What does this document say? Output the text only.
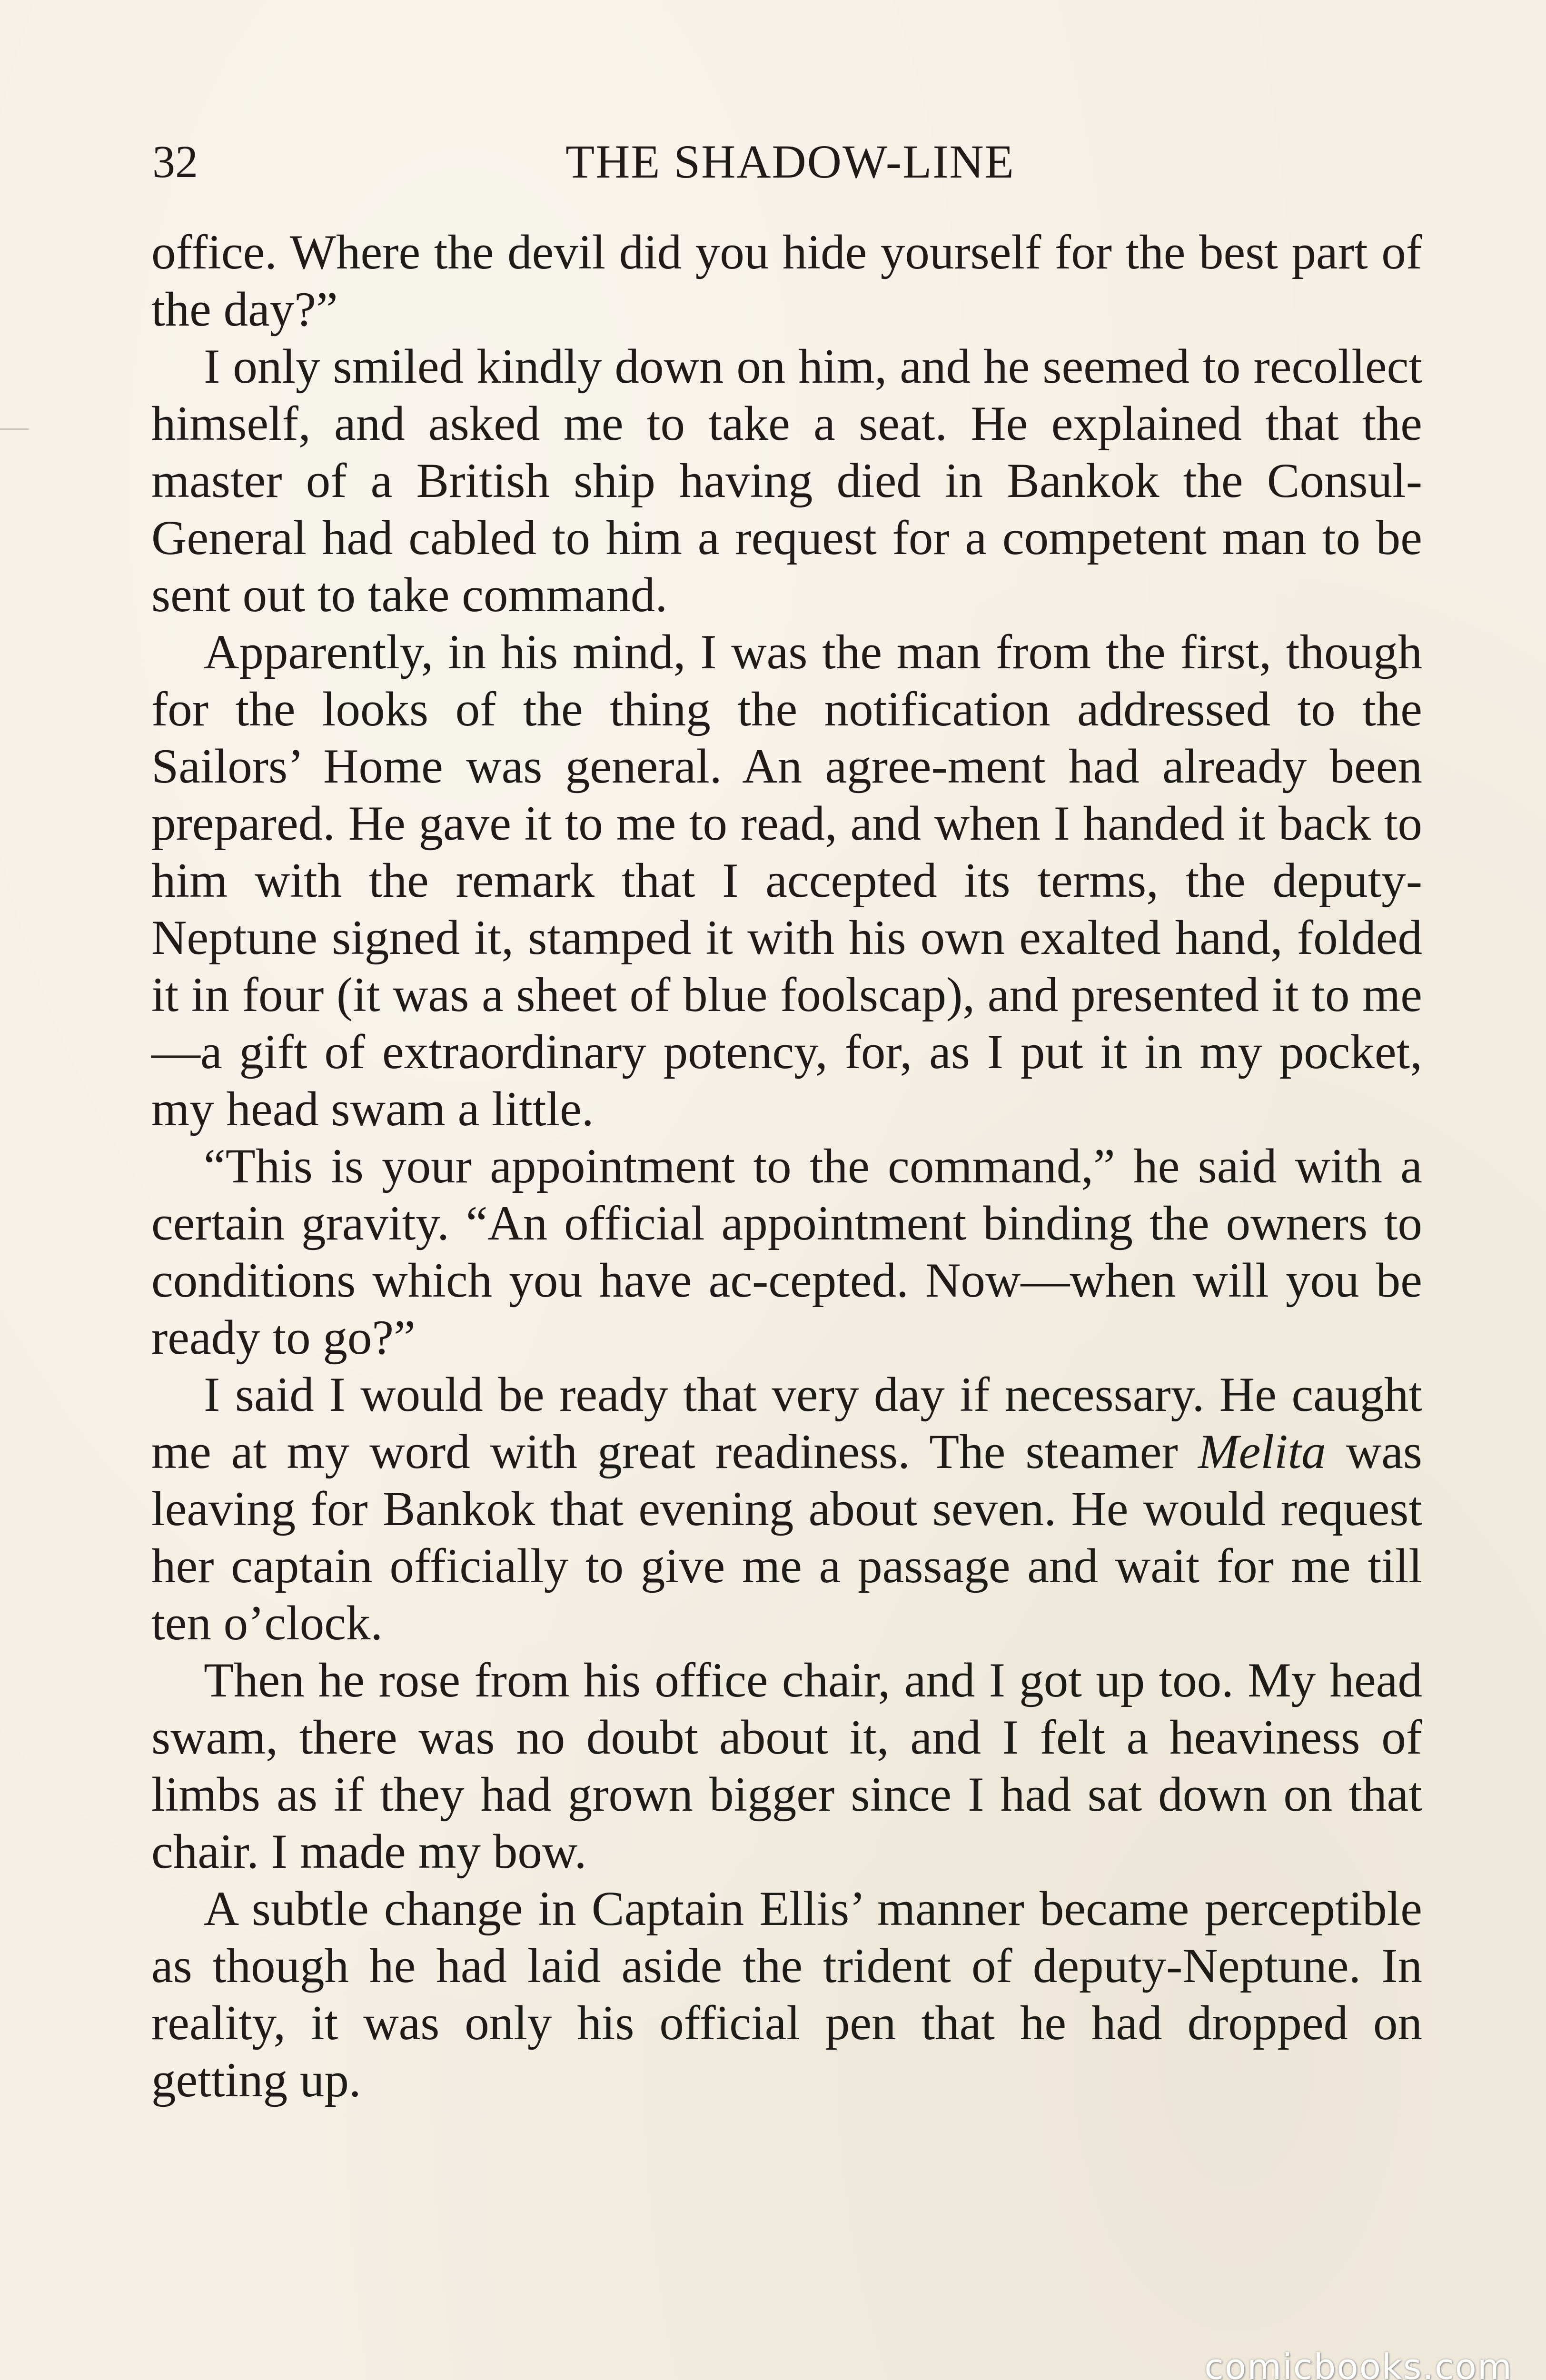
32	THE SHADOW-LINE

office. Where the devil did you hide yourself for the best part of the day?”

I only smiled kindly down on him, and he seemed to recollect himself, and asked me to take a seat. He explained that the master of a British ship having died in Bankok the Consul-General had cabled to him a request for a competent man to be sent out to take command.

Apparently, in his mind, I was the man from the first, though for the looks of the thing the notification addressed to the Sailors’ Home was general. An agree-ment had already been prepared. He gave it to me to read, and when I handed it back to him with the remark that I accepted its terms, the deputy-Neptune signed it, stamped it with his own exalted hand, folded it in four (it was a sheet of blue foolscap), and presented it to me—a gift of extraordinary potency, for, as I put it in my pocket, my head swam a little.

“This is your appointment to the command,” he said with a certain gravity. “An official appointment binding the owners to conditions which you have ac-cepted. Now—when will you be ready to go?”

I said I would be ready that very day if necessary. He caught me at my word with great readiness. The steamer Melita was leaving for Bankok that evening about seven. He would request her captain officially to give me a passage and wait for me till ten o’clock.

Then he rose from his office chair, and I got up too. My head swam, there was no doubt about it, and I felt a heaviness of limbs as if they had grown bigger since I had sat down on that chair. I made my bow.

A subtle change in Captain Ellis’ manner became perceptible as though he had laid aside the trident of deputy-Neptune. In reality, it was only his official pen that he had dropped on getting up.

comicbooks.com
